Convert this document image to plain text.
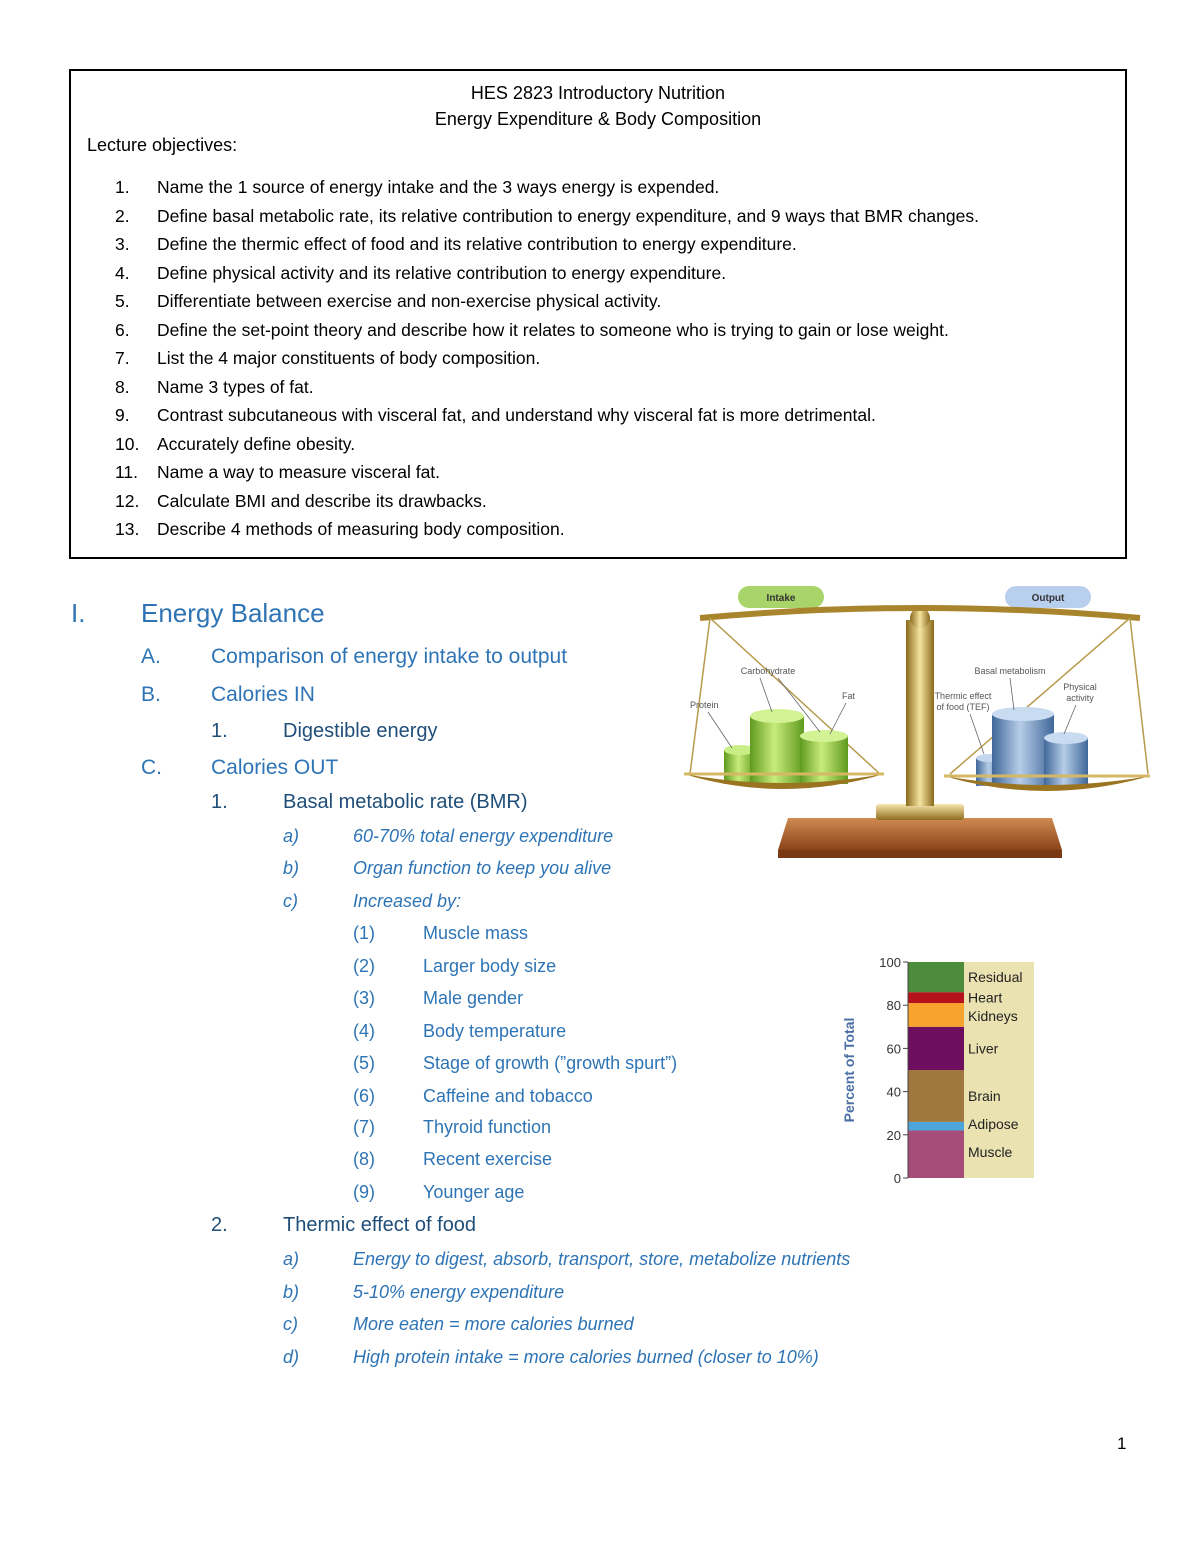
HES 2823 Introductory Nutrition
Energy Expenditure & Body Composition
Lecture objectives:
1.	Name the 1 source of energy intake and the 3 ways energy is expended.
2.	Define basal metabolic rate, its relative contribution to energy expenditure, and 9 ways that BMR changes.
3.	Define the thermic effect of food and its relative contribution to energy expenditure.
4.	Define physical activity and its relative contribution to energy expenditure.
5.	Differentiate between exercise and non-exercise physical activity.
6.	Define the set-point theory and describe how it relates to someone who is trying to gain or lose weight.
7.	List the 4 major constituents of body composition.
8.	Name 3 types of fat.
9.	Contrast subcutaneous with visceral fat, and understand why visceral fat is more detrimental.
10.	Accurately define obesity.
11.	Name a way to measure visceral fat.
12.	Calculate BMI and describe its drawbacks.
13.	Describe 4 methods of measuring body composition.
I. Energy Balance
A. Comparison of energy intake to output
B. Calories IN
1.	Digestible energy
C. Calories OUT
1.	Basal metabolic rate (BMR)
a)	60-70% total energy expenditure
b)	Organ function to keep you alive
c)	Increased by:
(1)	Muscle mass
(2)	Larger body size
(3)	Male gender
(4)	Body temperature
(5)	Stage of growth (”growth spurt”)
(6)	Caffeine and tobacco
(7)	Thyroid function
(8)	Recent exercise
(9)	Younger age
2.	Thermic effect of food
a)	Energy to digest, absorb, transport, store, metabolize nutrients
b)	5-10% energy expenditure
c)	More eaten = more calories burned
d)	High protein intake = more calories burned (closer to 10%)
Intake	Output
Carbohydrate
Protein
Fat
Basal metabolism
Thermic effect
of food (TEF)
Physical
activity
Muscle
Adipose
Brain
Liver
Kidneys
Heart
Residual
0
20
40
60
80
100
Percent of Total
1
